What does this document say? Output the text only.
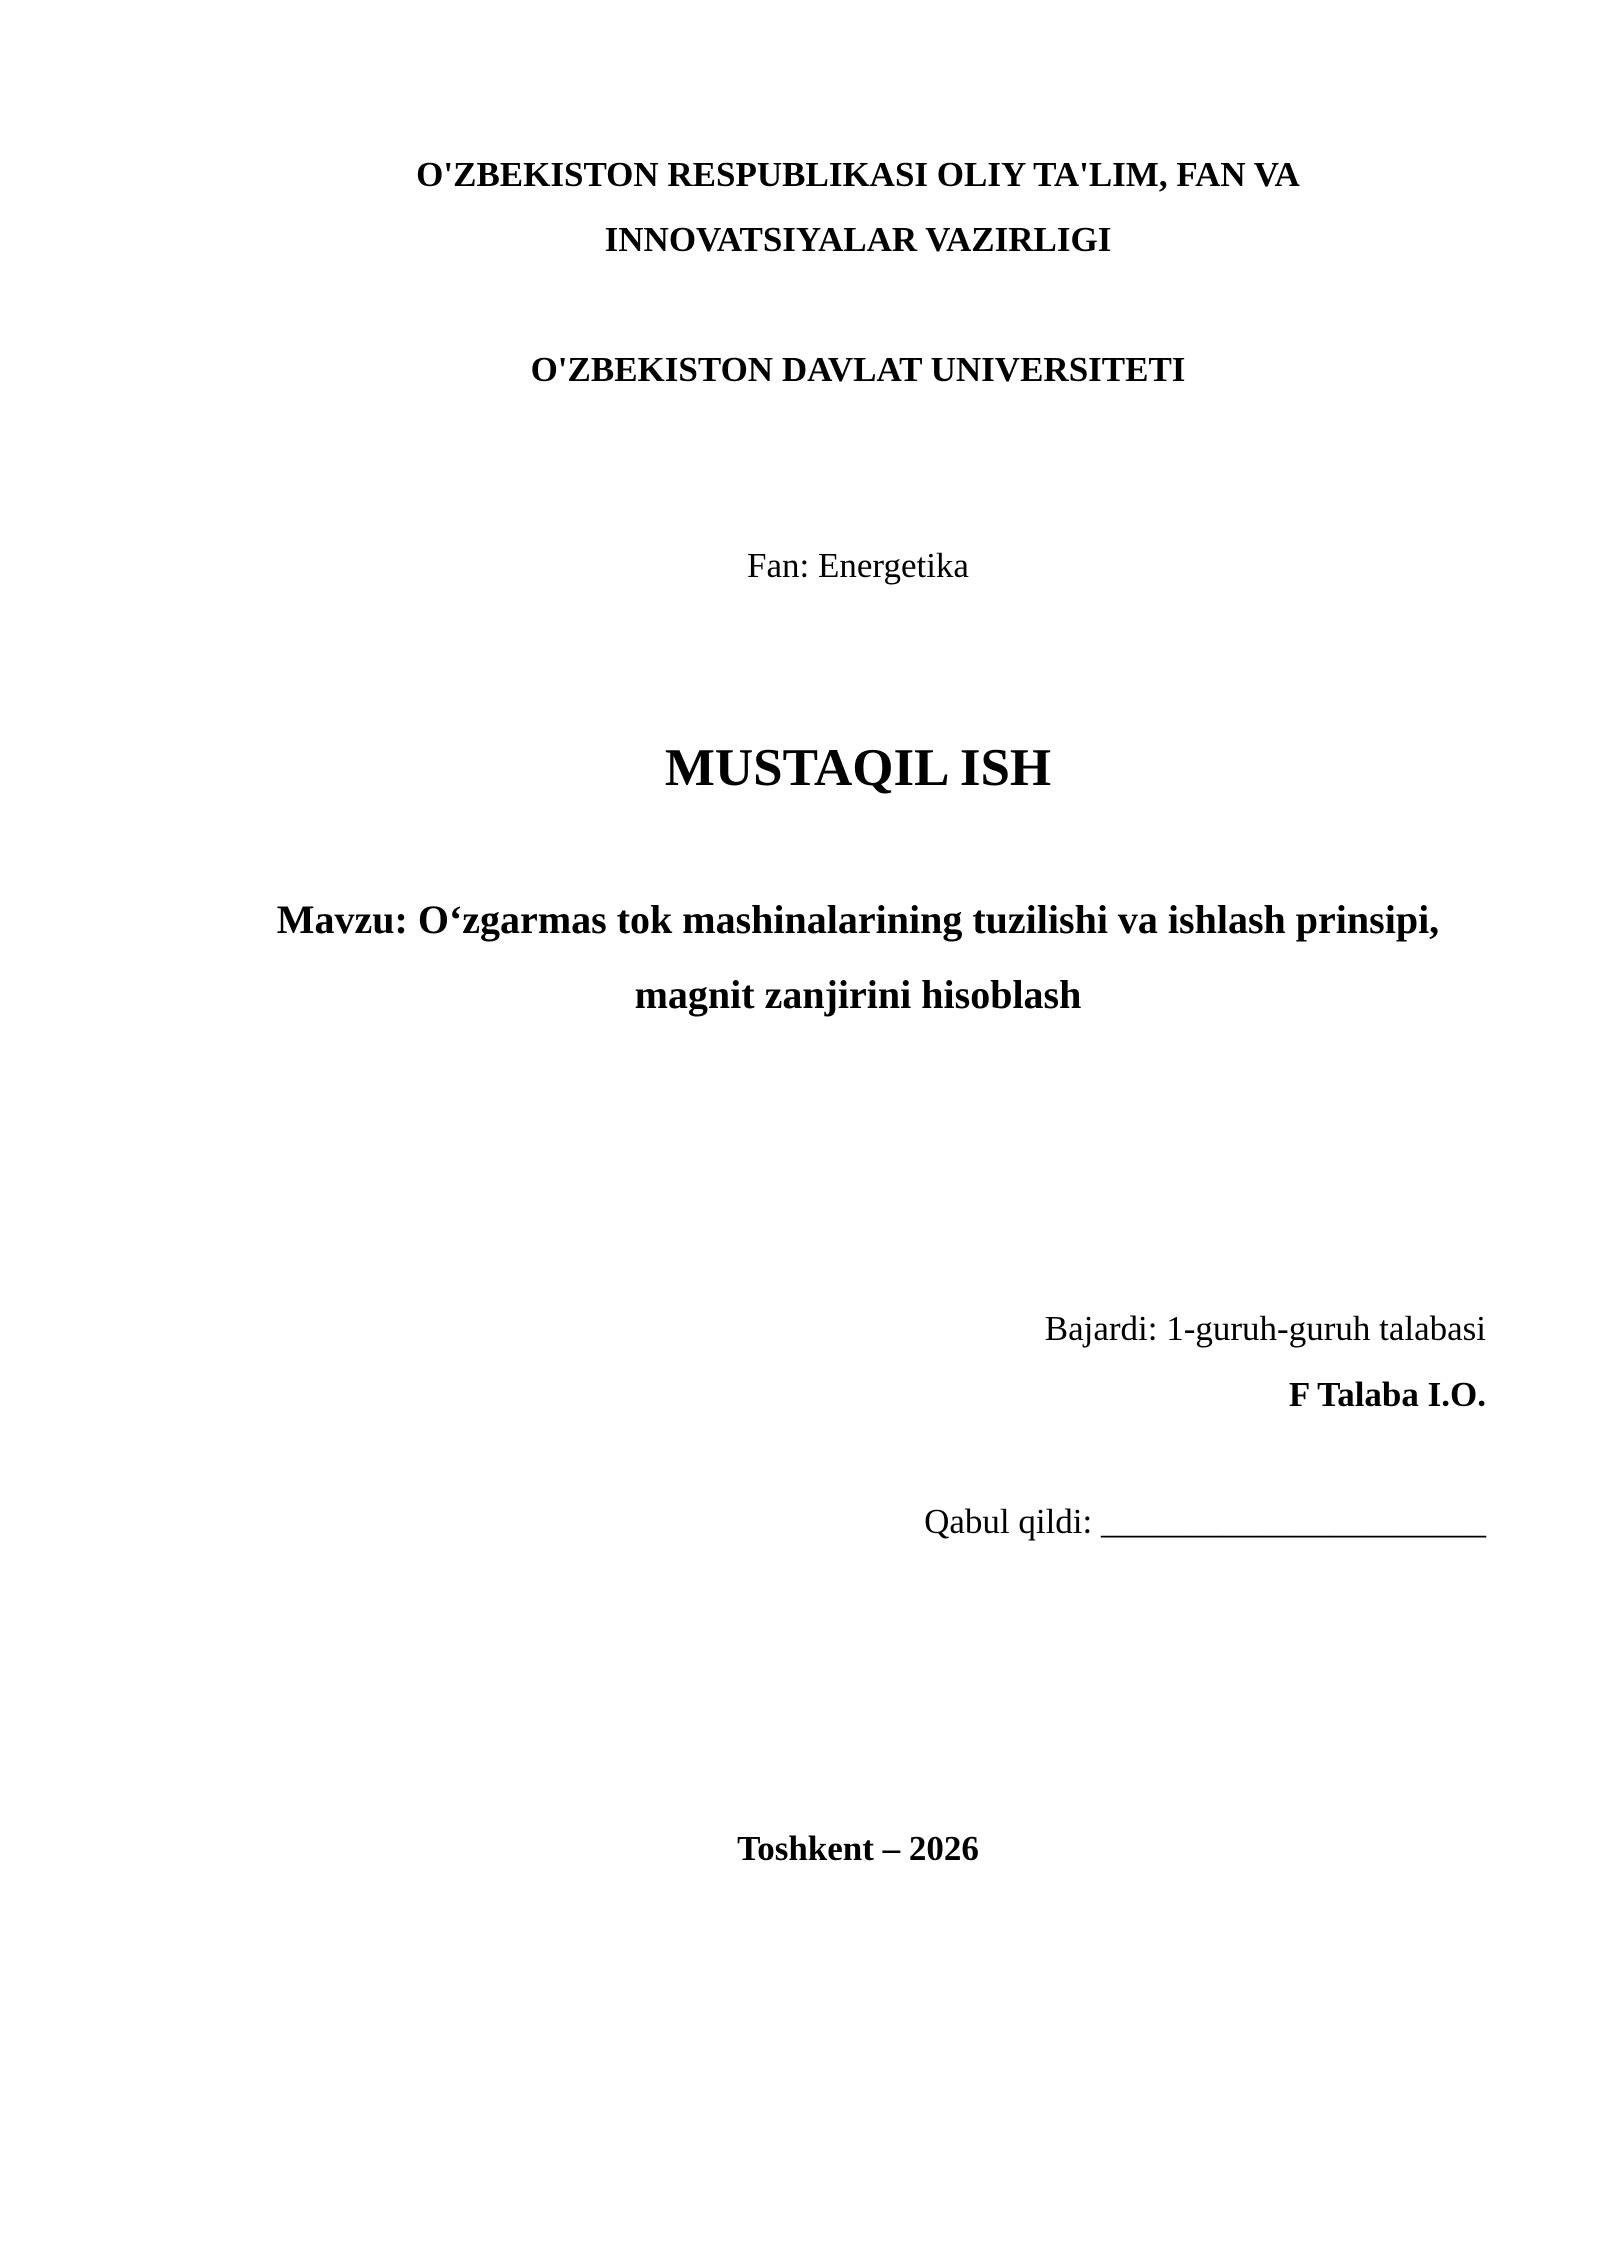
O'ZBEKISTON RESPUBLIKASI OLIY TA'LIM, FAN VA
INNOVATSIYALAR VAZIRLIGI
O'ZBEKISTON DAVLAT UNIVERSITETI
Fan: Energetika
MUSTAQIL ISH
Mavzu: O‘zgarmas tok mashinalarining tuzilishi va ishlash prinsipi,
magnit zanjirini hisoblash
Bajardi: 1-guruh-guruh talabasi
F Talaba I.O.
Qabul qildi: ______________________
Toshkent – 2026
